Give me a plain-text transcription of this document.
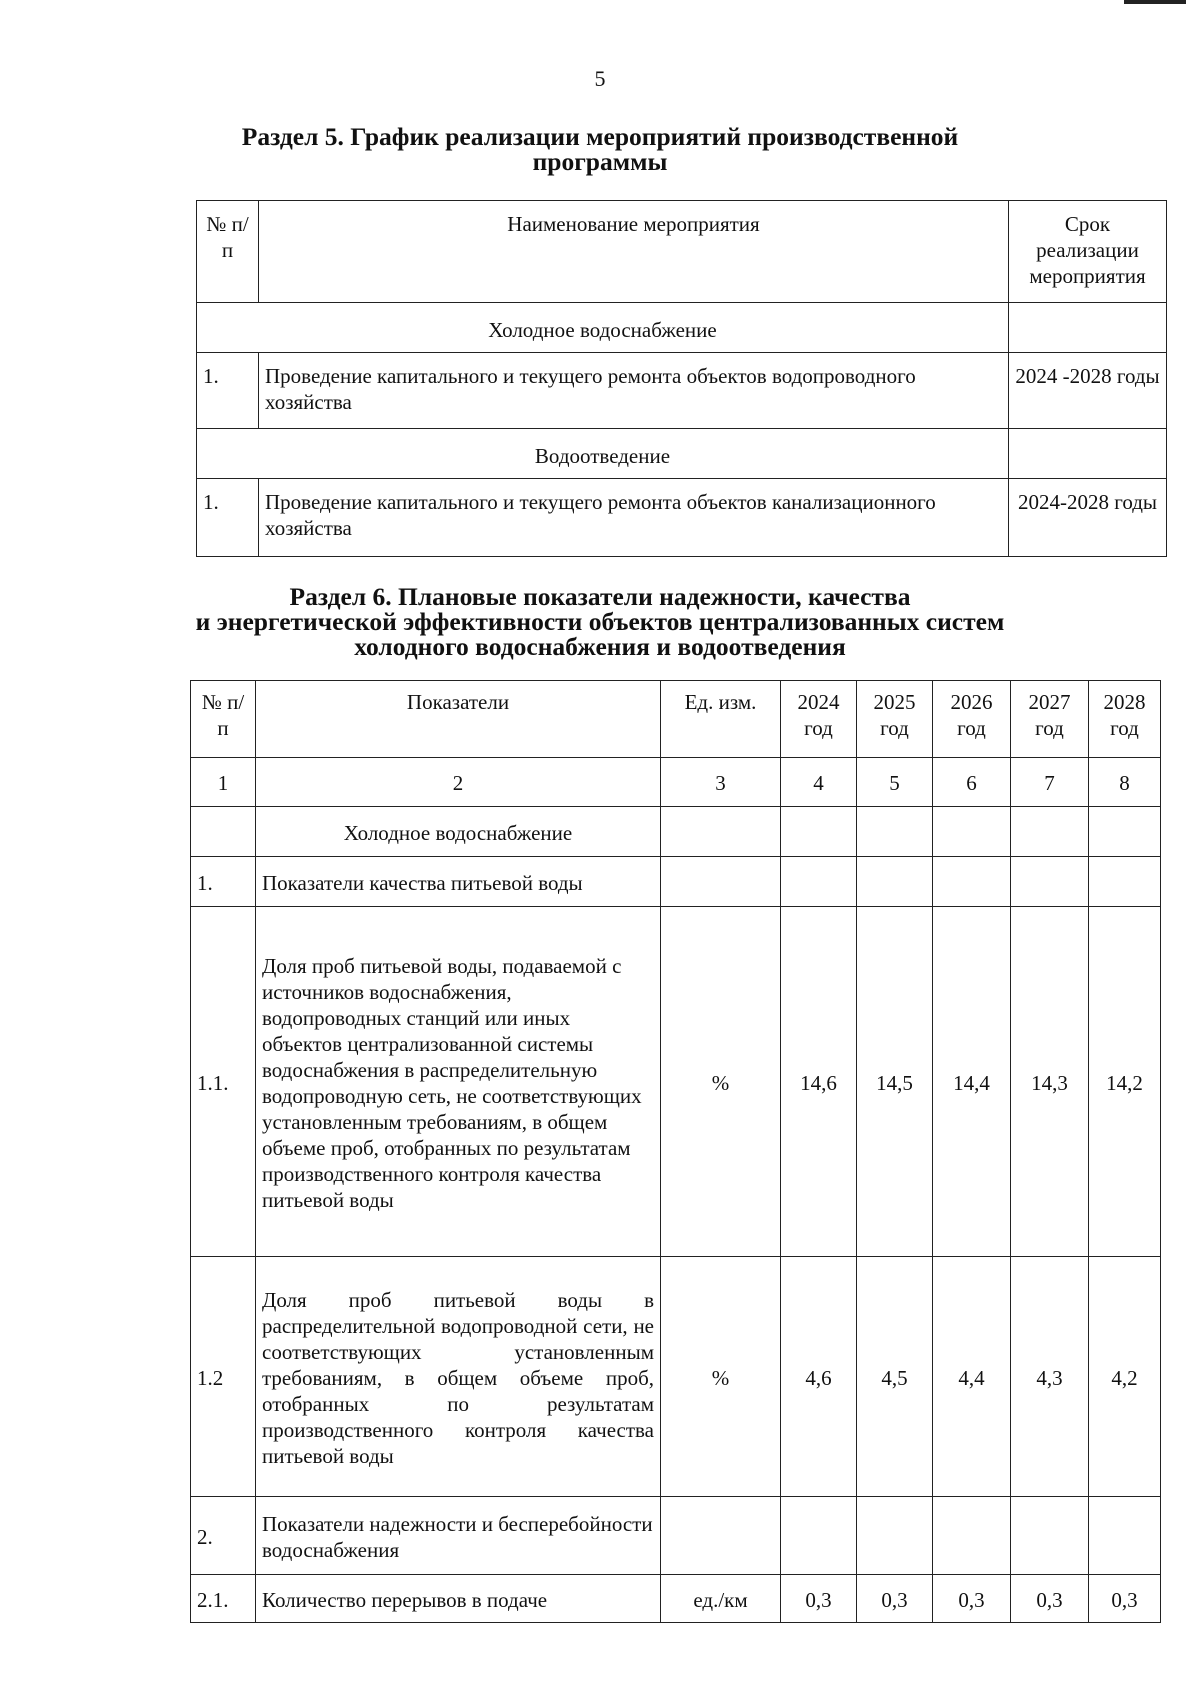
5
Раздел 5. График реализации мероприятий производственной
программы
№ п/п	Наименование мероприятия	Срок реализации мероприятия
Холодное водоснабжение		
1.	Проведение капитального и текущего ремонта объектов водопроводного хозяйства	2024 -2028 годы
Водоотведение		
1.	Проведение капитального и текущего ремонта объектов канализационного хозяйства	2024-2028 годы
Раздел 6. Плановые показатели надежности, качества
и энергетической эффективности объектов централизованных систем
холодного водоснабжения и водоотведения
№ п/п	Показатели	Ед. изм.	2024 год	2025 год	2026 год	2027 год	2028 год
1	2	3	4	5	6	7	8
	Холодное водоснабжение						
1.	Показатели качества питьевой воды						
1.1.	Доля проб питьевой воды, подаваемой с источников водоснабжения, водопроводных станций или иных объектов централизованной системы водоснабжения в распределительную водопроводную сеть, не соответствующих установленным требованиям, в общем объеме проб, отобранных по результатам производственного контроля качества питьевой воды	%	14,6	14,5	14,4	14,3	14,2
1.2	Доля проб питьевой воды в распределительной водопроводной сети, не соответствующих установленным требованиям, в общем объеме проб, отобранных по результатам производственного контроля качества питьевой воды	%	4,6	4,5	4,4	4,3	4,2
2.	Показатели надежности и бесперебойности водоснабжения						
2.1.	Количество перерывов в подаче	ед./км	0,3	0,3	0,3	0,3	0,3
